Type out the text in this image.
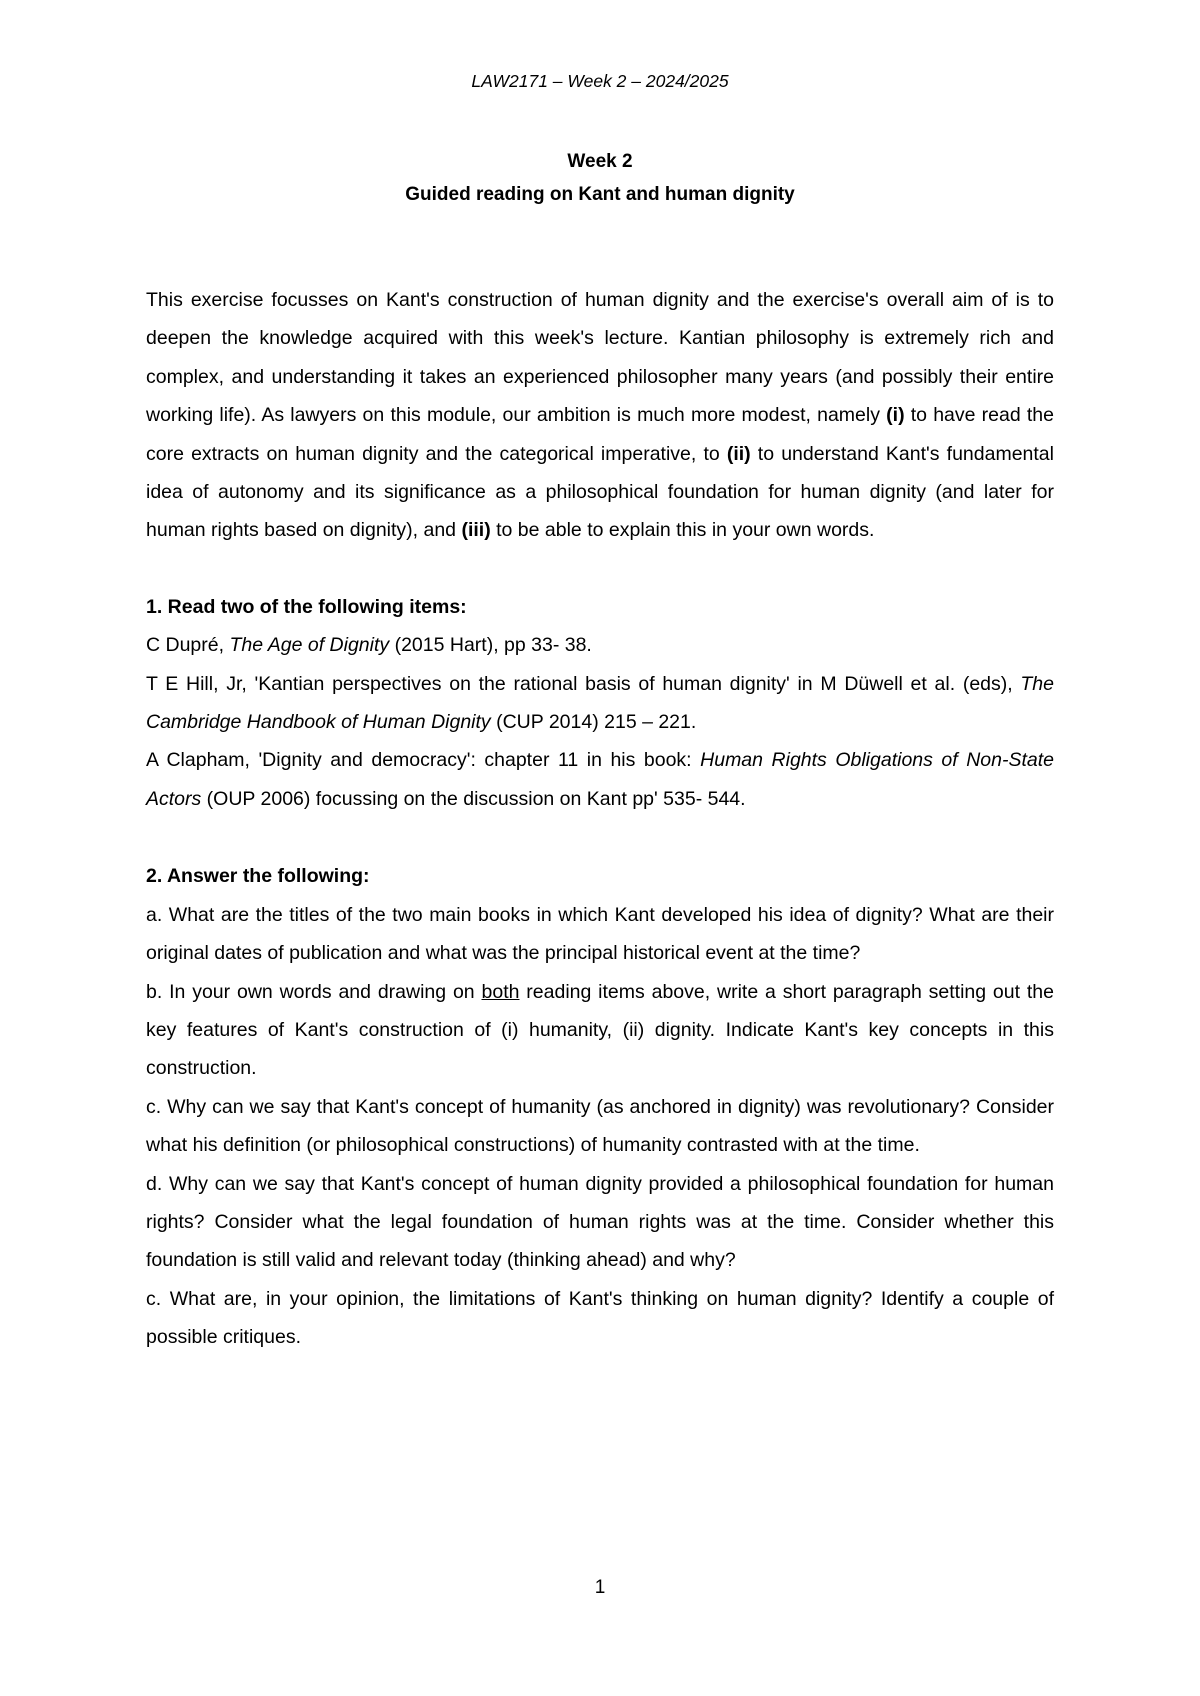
LAW2171 – Week 2 – 2024/2025
Week 2
Guided reading on Kant and human dignity

This exercise focusses on Kant's construction of human dignity and the exercise's overall aim of is to deepen the knowledge acquired with this week's lecture. Kantian philosophy is extremely rich and complex, and understanding it takes an experienced philosopher many years (and possibly their entire working life). As lawyers on this module, our ambition is much more modest, namely (i) to have read the core extracts on human dignity and the categorical imperative, to (ii) to understand Kant's fundamental idea of autonomy and its significance as a philosophical foundation for human dignity (and later for human rights based on dignity), and (iii) to be able to explain this in your own words.

1. Read two of the following items:

C Dupré, The Age of Dignity (2015 Hart), pp 33- 38.

T E Hill, Jr, 'Kantian perspectives on the rational basis of human dignity' in M Düwell et al. (eds), The Cambridge Handbook of Human Dignity (CUP 2014) 215 – 221.

A Clapham, 'Dignity and democracy': chapter 11 in his book: Human Rights Obligations of Non-State Actors (OUP 2006) focussing on the discussion on Kant pp' 535- 544.

2. Answer the following:

a. What are the titles of the two main books in which Kant developed his idea of dignity? What are their original dates of publication and what was the principal historical event at the time?

b. In your own words and drawing on both reading items above, write a short paragraph setting out the key features of Kant's construction of (i) humanity, (ii) dignity. Indicate Kant's key concepts in this construction.

c. Why can we say that Kant's concept of humanity (as anchored in dignity) was revolutionary? Consider what his definition (or philosophical constructions) of humanity contrasted with at the time.

d. Why can we say that Kant's concept of human dignity provided a philosophical foundation for human rights? Consider what the legal foundation of human rights was at the time. Consider whether this foundation is still valid and relevant today (thinking ahead) and why?

c. What are, in your opinion, the limitations of Kant's thinking on human dignity? Identify a couple of possible critiques.

1
